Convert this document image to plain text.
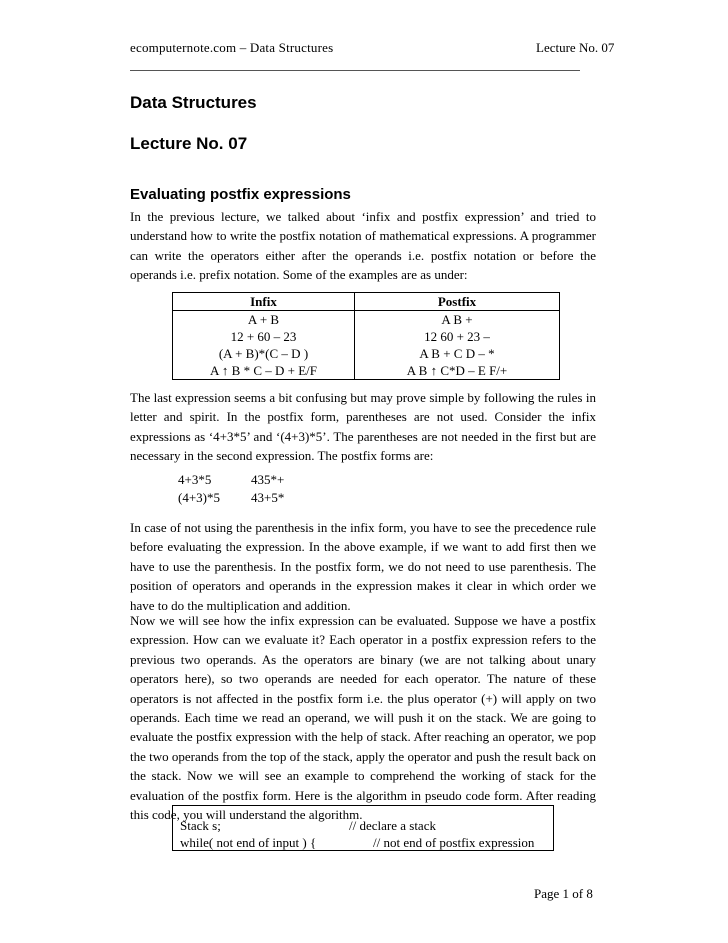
ecomputernote.com – Data Structures	Lecture No. 07
Data Structures
Lecture No. 07
Evaluating postfix expressions

In the previous lecture, we talked about ‘infix and postfix expression’ and tried to understand how to write the postfix notation of mathematical expressions. A programmer can write the operators either after the operands i.e. postfix notation or before the operands i.e. prefix notation. Some of the examples are as under:

Infix	Postfix
A + B	A B +
12 + 60 – 23	12 60 + 23 –
(A + B)*(C – D )	A B + C D – *
A ↑ B * C – D + E/F	A B ↑ C*D – E F/+

The last expression seems a bit confusing but may prove simple by following the rules in letter and spirit. In the postfix form, parentheses are not used. Consider the infix expressions as ‘4+3*5’ and ‘(4+3)*5’. The parentheses are not needed in the first but are necessary in the second expression. The postfix forms are:

4+3*5	435*+
(4+3)*5 43+5*

In case of not using the parenthesis in the infix form, you have to see the precedence rule before evaluating the expression. In the above example, if we want to add first then we have to use the parenthesis. In the postfix form, we do not need to use parenthesis. The position of operators and operands in the expression makes it clear in which order we have to do the multiplication and addition.

Now we will see how the infix expression can be evaluated. Suppose we have a postfix expression. How can we evaluate it? Each operator in a postfix expression refers to the previous two operands. As the operators are binary (we are not talking about unary operators here), so two operands are needed for each operator. The nature of these operators is not affected in the postfix form i.e. the plus operator (+) will apply on two operands. Each time we read an operand, we will push it on the stack. We are going to evaluate the postfix expression with the help of stack. After reaching an operator, we pop the two operands from the top of the stack, apply the operator and push the result back on the stack. Now we will see an example to comprehend the working of stack for the evaluation of the postfix form. Here is the algorithm in pseudo code form. After reading this code, you will understand the algorithm.

Stack s;	// declare a stack
while( not end of input ) {	// not end of postfix expression
Page 1 of 8
